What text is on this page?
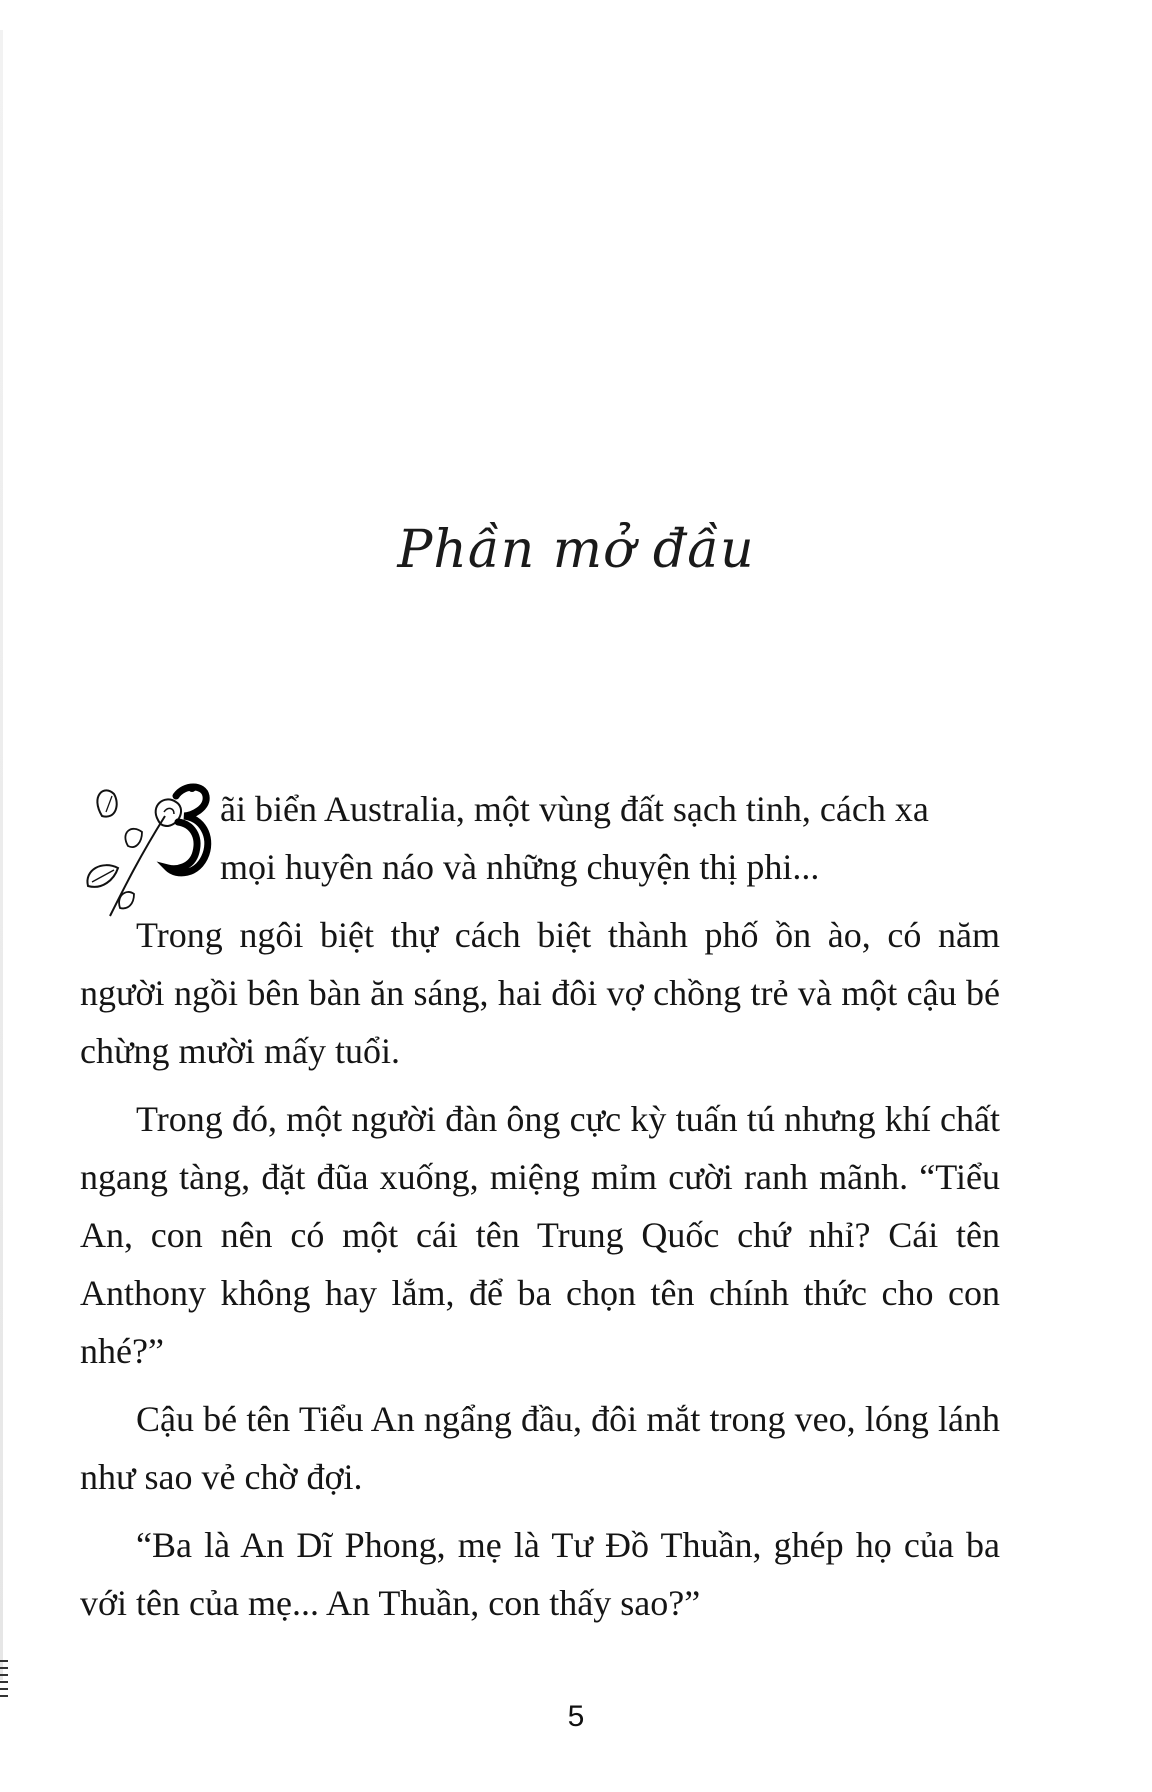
Phần mở đầu
ãi biển Australia, một vùng đất sạch tinh, cách xa
mọi huyên náo và những chuyện thị phi...

Trong ngôi biệt thự cách biệt thành phố ồn ào, có năm người ngồi bên bàn ăn sáng, hai đôi vợ chồng trẻ và một cậu bé chừng mười mấy tuổi.

Trong đó, một người đàn ông cực kỳ tuấn tú nhưng khí chất ngang tàng, đặt đũa xuống, miệng mỉm cười ranh mãnh. “Tiểu An, con nên có một cái tên Trung Quốc chứ nhỉ? Cái tên Anthony không hay lắm, để ba chọn tên chính thức cho con nhé?”

Cậu bé tên Tiểu An ngẩng đầu, đôi mắt trong veo, lóng lánh như sao vẻ chờ đợi.

“Ba là An Dĩ Phong, mẹ là Tư Đồ Thuần, ghép họ của ba với tên của mẹ... An Thuần, con thấy sao?”

5
